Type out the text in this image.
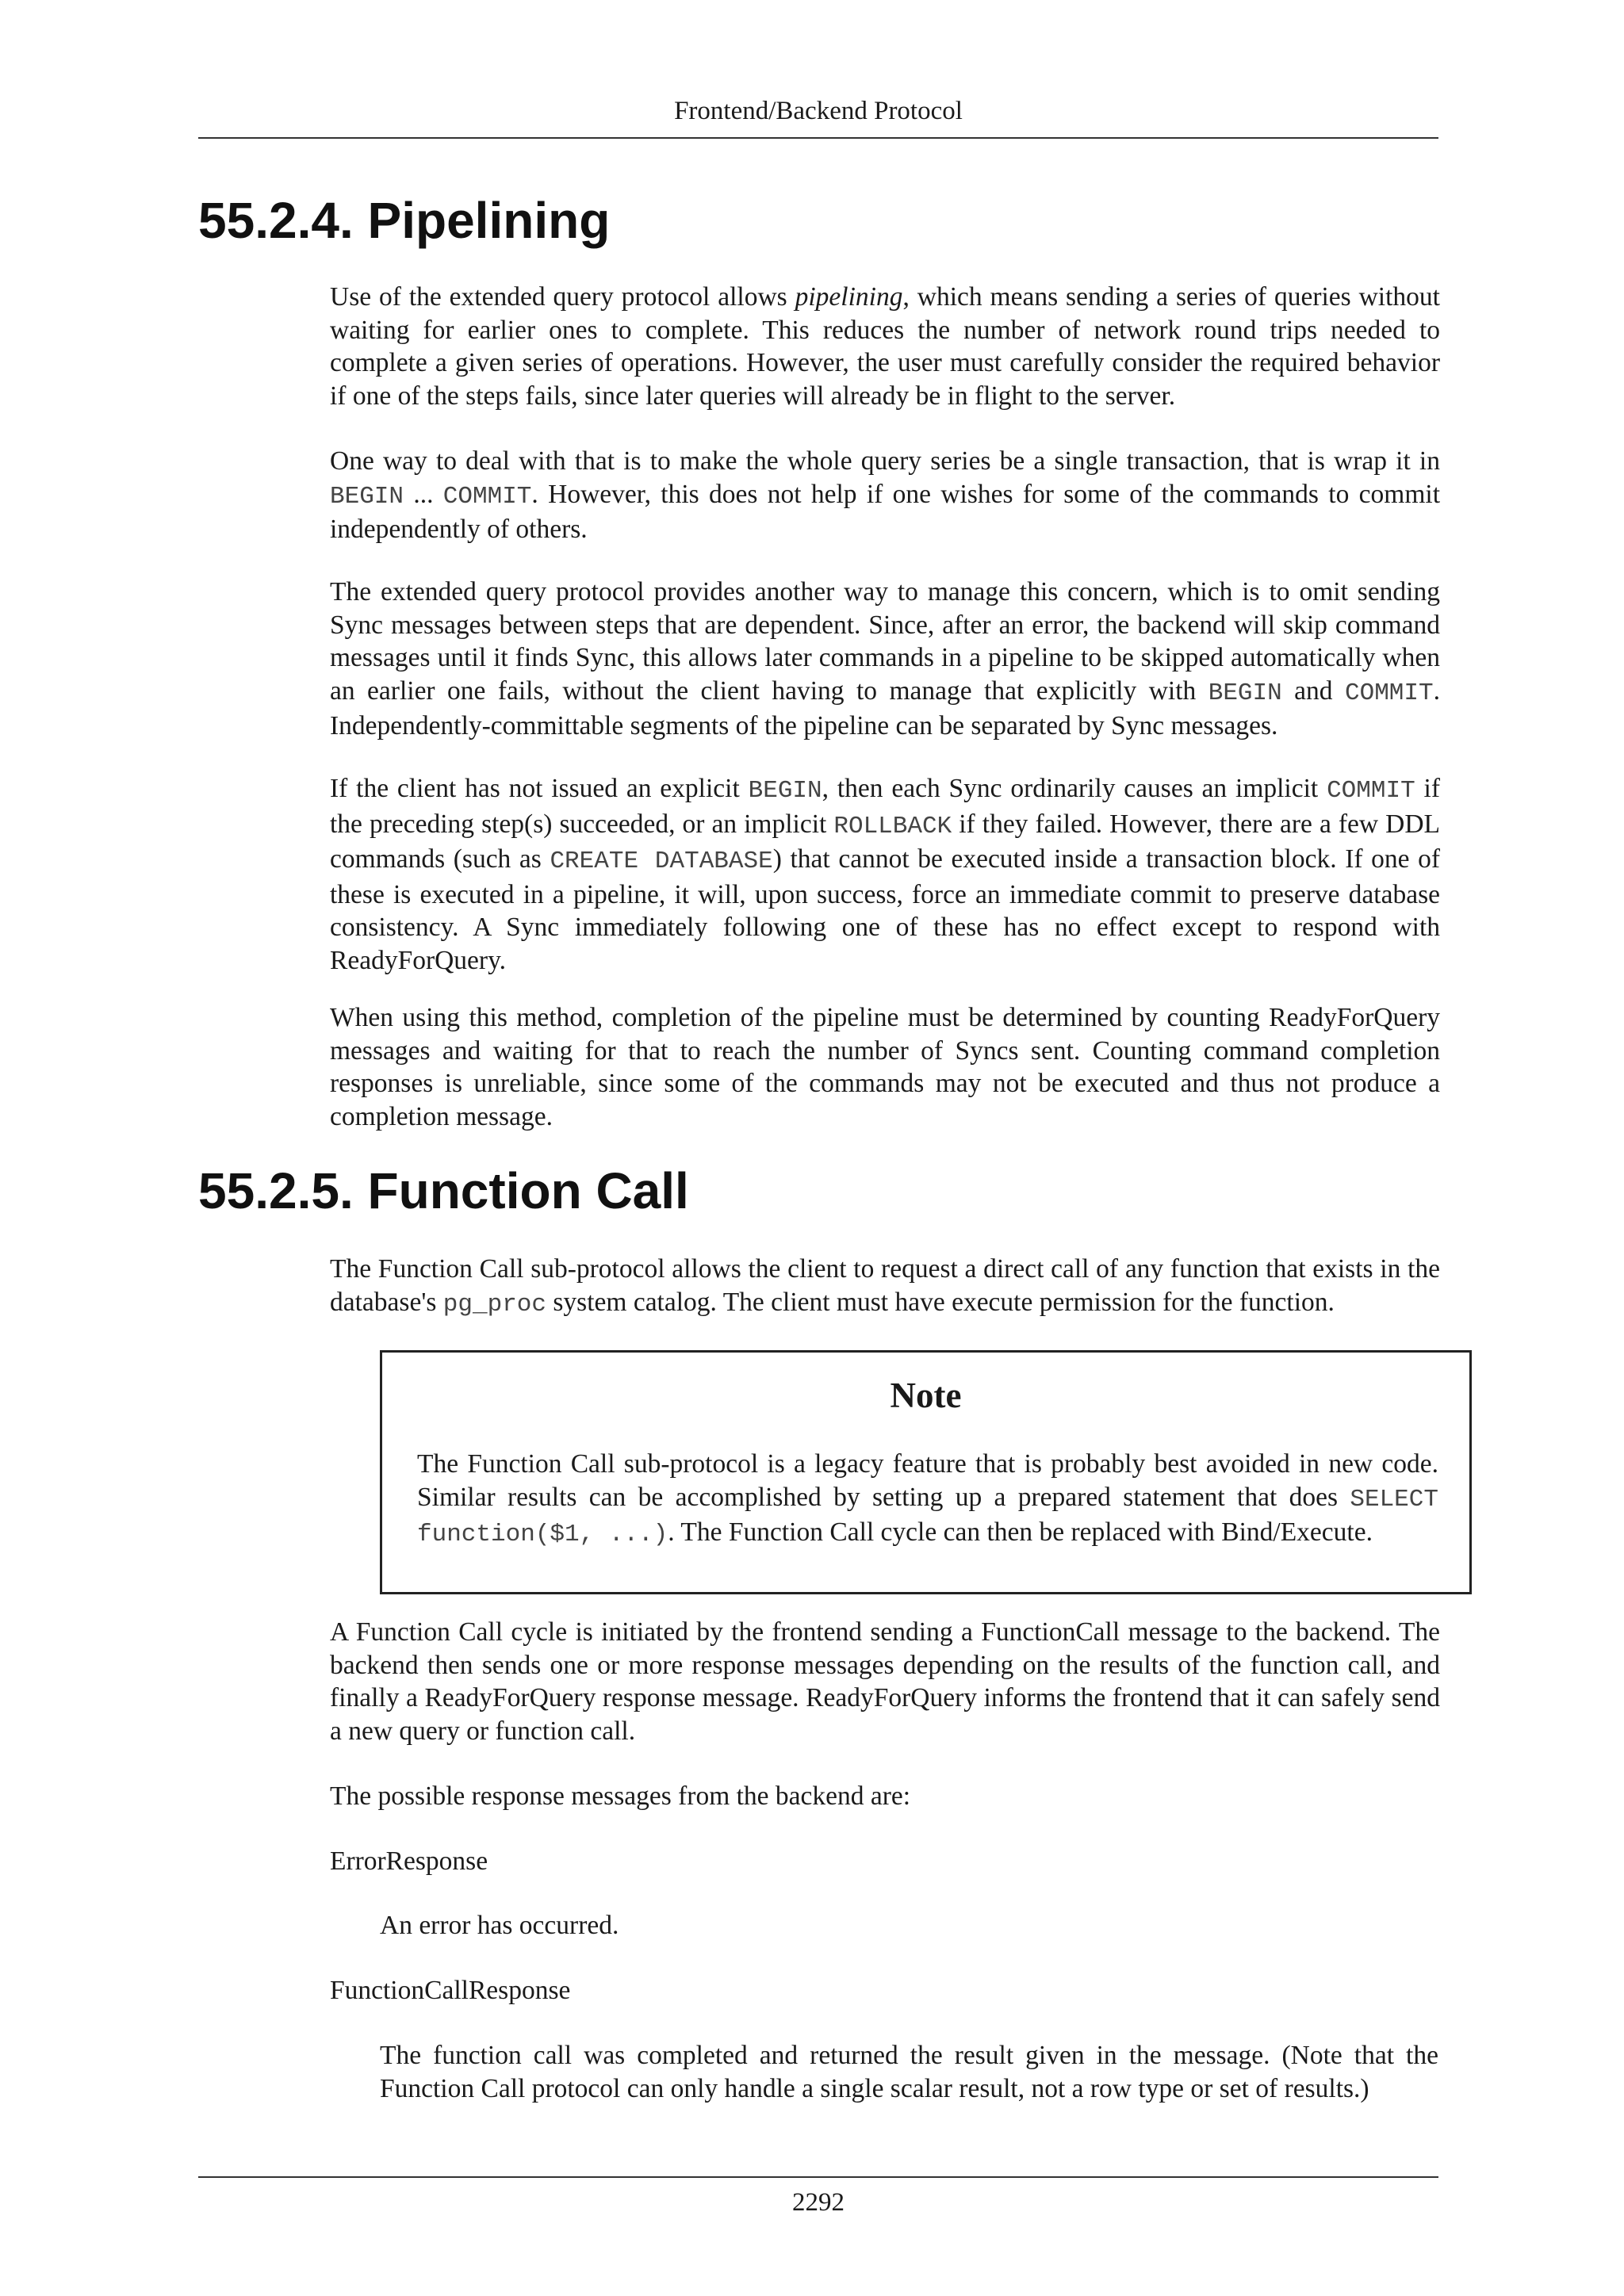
Frontend/Backend Protocol
55.2.4. Pipelining

Use of the extended query protocol allows pipelining, which means sending a series of queries without waiting for earlier ones to complete. This reduces the number of network round trips needed to complete a given series of operations. However, the user must carefully consider the required behavior if one of the steps fails, since later queries will already be in flight to the server.

One way to deal with that is to make the whole query series be a single transaction, that is wrap it in BEGIN ... COMMIT. However, this does not help if one wishes for some of the commands to commit independently of others.

The extended query protocol provides another way to manage this concern, which is to omit sending Sync messages between steps that are dependent. Since, after an error, the backend will skip command messages until it finds Sync, this allows later commands in a pipeline to be skipped automatically when an earlier one fails, without the client having to manage that explicitly with BEGIN and COMMIT. Independently-committable segments of the pipeline can be separated by Sync messages.

If the client has not issued an explicit BEGIN, then each Sync ordinarily causes an implicit COMMIT if the preceding step(s) succeeded, or an implicit ROLLBACK if they failed. However, there are a few DDL commands (such as CREATE DATABASE) that cannot be executed inside a transaction block. If one of these is executed in a pipeline, it will, upon success, force an immediate commit to preserve database consistency. A Sync immediately following one of these has no effect except to respond with ReadyForQuery.

When using this method, completion of the pipeline must be determined by counting ReadyForQuery messages and waiting for that to reach the number of Syncs sent. Counting command completion responses is unreliable, since some of the commands may not be executed and thus not produce a completion message.

55.2.5. Function Call

The Function Call sub-protocol allows the client to request a direct call of any function that exists in the database's pg_proc system catalog. The client must have execute permission for the function.

Note

The Function Call sub-protocol is a legacy feature that is probably best avoided in new code. Similar results can be accomplished by setting up a prepared statement that does SELECT function($1, ...). The Function Call cycle can then be replaced with Bind/Execute.

A Function Call cycle is initiated by the frontend sending a FunctionCall message to the backend. The backend then sends one or more response messages depending on the results of the function call, and finally a ReadyForQuery response message. ReadyForQuery informs the frontend that it can safely send a new query or function call.

The possible response messages from the backend are:

ErrorResponse

An error has occurred.

FunctionCallResponse

The function call was completed and returned the result given in the message. (Note that the Function Call protocol can only handle a single scalar result, not a row type or set of results.)

2292
